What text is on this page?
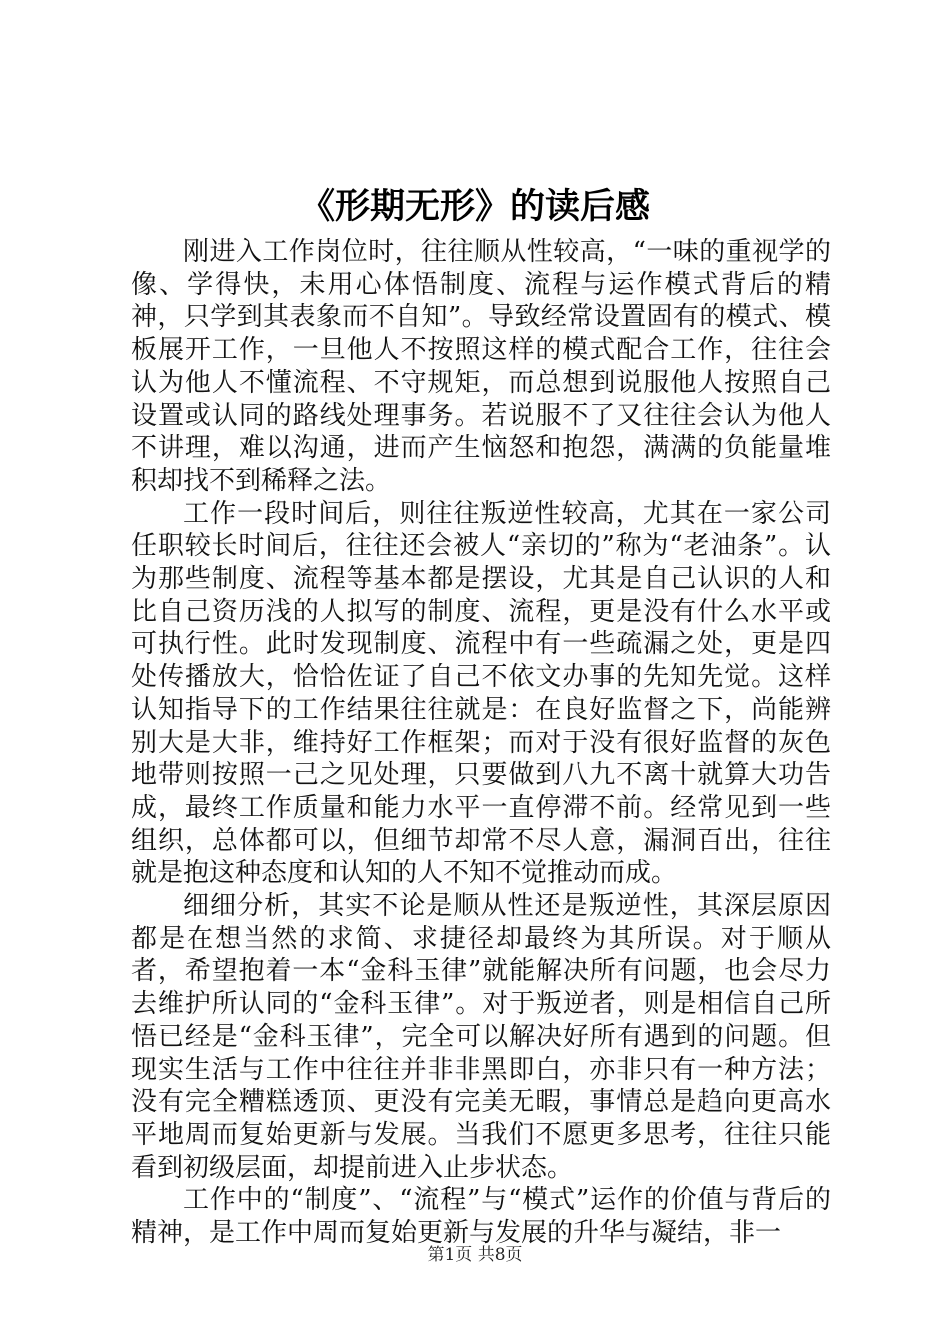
《形期无形》的读后感

刚进入工作岗位时，往往顺从性较高，“一味的重视学的像、学得快，未用心体悟制度、流程与运作模式背后的精神，只学到其表象而不自知”。导致经常设置固有的模式、模板展开工作，一旦他人不按照这样的模式配合工作，往往会认为他人不懂流程、不守规矩，而总想到说服他人按照自己设置或认同的路线处理事务。若说服不了又往往会认为他人不讲理，难以沟通，进而产生恼怒和抱怨，满满的负能量堆积却找不到稀释之法。

工作一段时间后，则往往叛逆性较高，尤其在一家公司任职较长时间后，往往还会被人“亲切的”称为“老油条”。认为那些制度、流程等基本都是摆设，尤其是自己认识的人和比自己资历浅的人拟写的制度、流程，更是没有什么水平或可执行性。此时发现制度、流程中有一些疏漏之处，更是四处传播放大，恰恰佐证了自己不依文办事的先知先觉。这样认知指导下的工作结果往往就是：在良好监督之下，尚能辨别大是大非，维持好工作框架；而对于没有很好监督的灰色地带则按照一己之见处理，只要做到八九不离十就算大功告成，最终工作质量和能力水平一直停滞不前。经常见到一些组织，总体都可以，但细节却常不尽人意，漏洞百出，往往就是抱这种态度和认知的人不知不觉推动而成。

细细分析，其实不论是顺从性还是叛逆性，其深层原因都是在想当然的求简、求捷径却最终为其所误。对于顺从者，希望抱着一本“金科玉律”就能解决所有问题，也会尽力去维护所认同的“金科玉律”。对于叛逆者，则是相信自己所悟已经是“金科玉律”，完全可以解决好所有遇到的问题。但现实生活与工作中往往并非非黑即白，亦非只有一种方法；没有完全糟糕透顶、更没有完美无暇，事情总是趋向更高水平地周而复始更新与发展。当我们不愿更多思考，往往只能看到初级层面，却提前进入止步状态。

工作中的“制度”、“流程”与“模式”运作的价值与背后的精神，是工作中周而复始更新与发展的升华与凝结，非一

第1页 共8页
